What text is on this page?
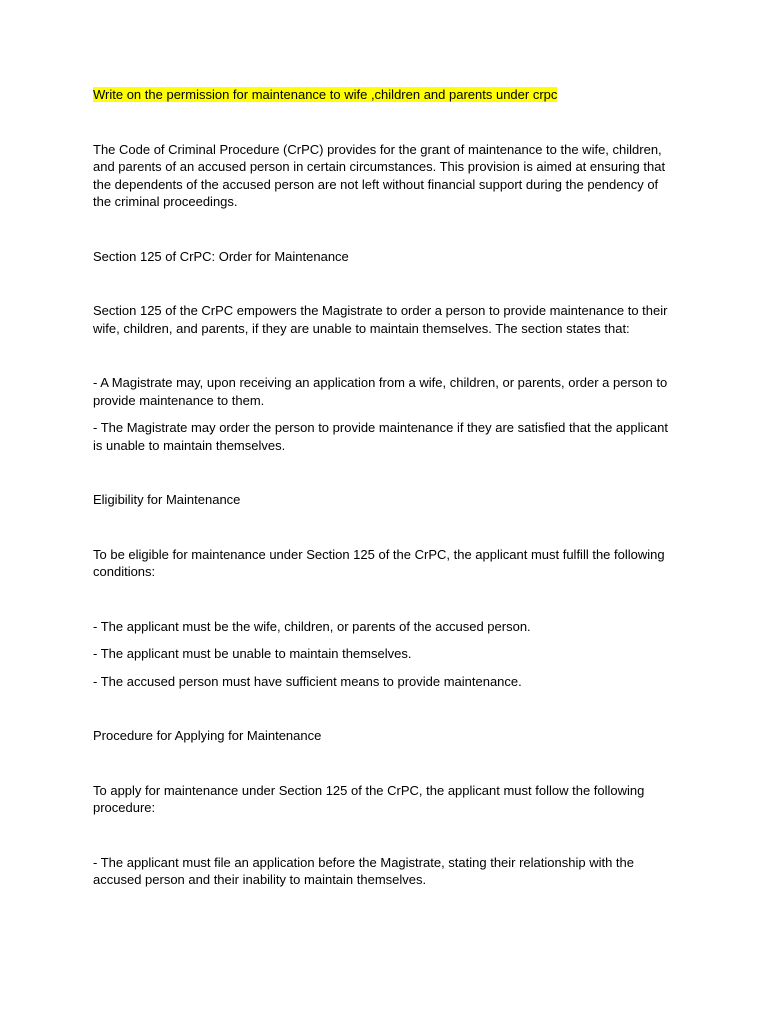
Write on the permission for maintenance to wife ,children and parents under crpc

The Code of Criminal Procedure (CrPC) provides for the grant of maintenance to the wife, children, and parents of an accused person in certain circumstances. This provision is aimed at ensuring that the dependents of the accused person are not left without financial support during the pendency of the criminal proceedings.

Section 125 of CrPC: Order for Maintenance

Section 125 of the CrPC empowers the Magistrate to order a person to provide maintenance to their wife, children, and parents, if they are unable to maintain themselves. The section states that:

- A Magistrate may, upon receiving an application from a wife, children, or parents, order a person to provide maintenance to them.

- The Magistrate may order the person to provide maintenance if they are satisfied that the applicant is unable to maintain themselves.

Eligibility for Maintenance

To be eligible for maintenance under Section 125 of the CrPC, the applicant must fulfill the following conditions:

- The applicant must be the wife, children, or parents of the accused person.

- The applicant must be unable to maintain themselves.

- The accused person must have sufficient means to provide maintenance.

Procedure for Applying for Maintenance

To apply for maintenance under Section 125 of the CrPC, the applicant must follow the following procedure:

- The applicant must file an application before the Magistrate, stating their relationship with the accused person and their inability to maintain themselves.
